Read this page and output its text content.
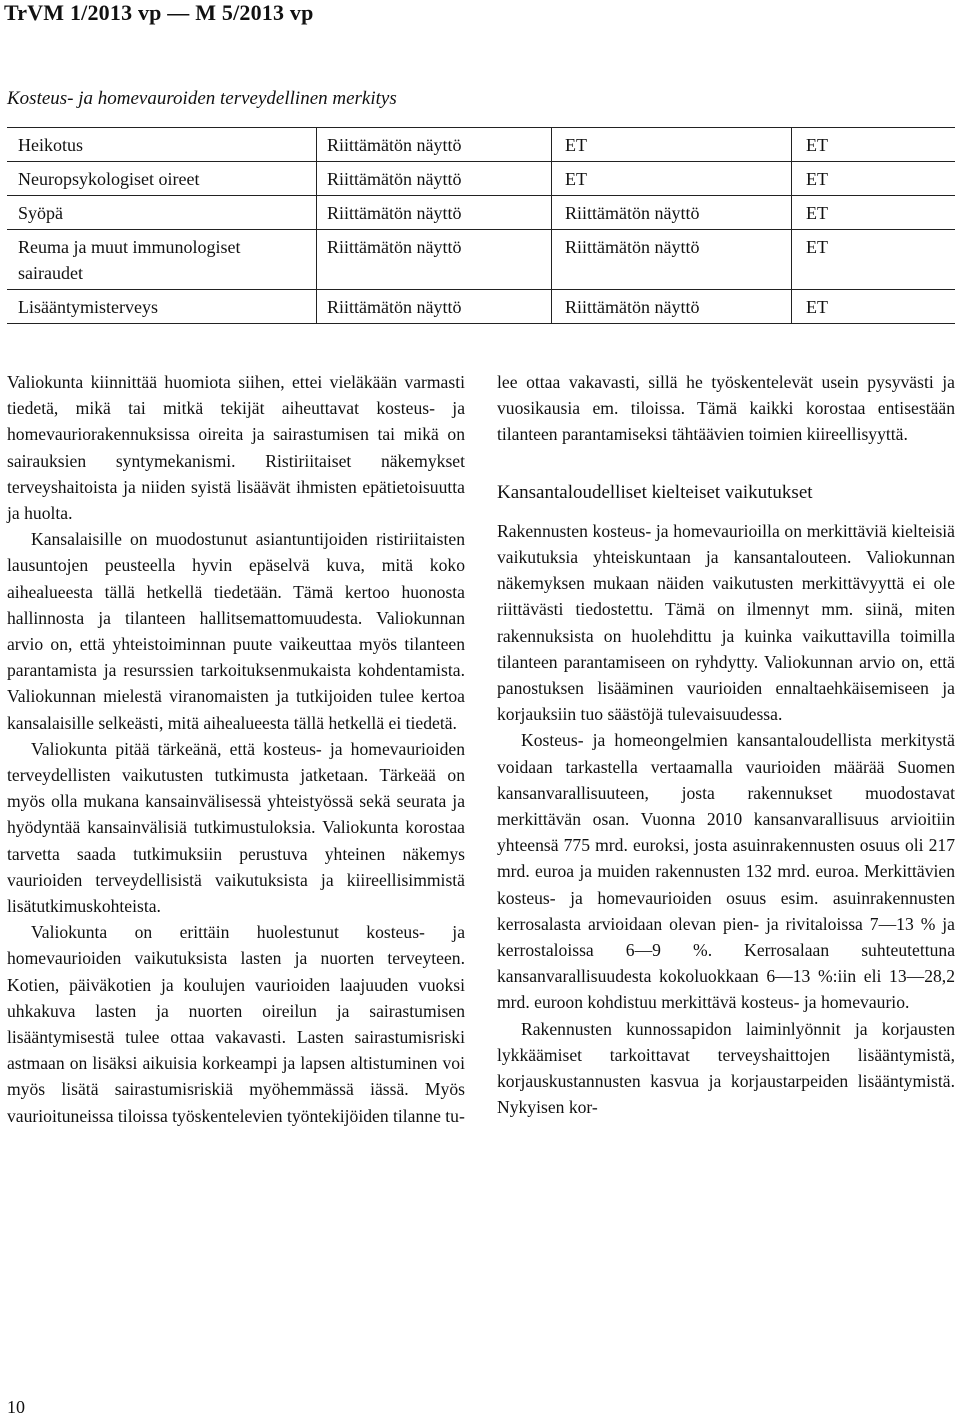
TrVM 1/2013 vp — M 5/2013 vp
Kosteus- ja homevauroiden terveydellinen merkitys
Heikotus	Riittämätön näyttö	ET	ET
Neuropsykologiset oireet	Riittämätön näyttö	ET	ET
Syöpä	Riittämätön näyttö	Riittämätön näyttö	ET
Reuma ja muut immunologiset sairaudet	Riittämätön näyttö	Riittämätön näyttö	ET
Lisääntymisterveys	Riittämätön näyttö	Riittämätön näyttö	ET

Valiokunta kiinnittää huomiota siihen, ettei vieläkään varmasti tiedetä, mikä tai mitkä tekijät aiheuttavat kosteus- ja homevauriorakennuksissa oireita ja sairastumisen tai mikä on sairauksien syntymekanismi. Ristiriitaiset näkemykset terveyshaitoista ja niiden syistä lisäävät ihmisten epätietoisuutta ja huolta.

Kansalaisille on muodostunut asiantuntijoiden ristiriitaisten lausuntojen peusteella hyvin epäselvä kuva, mitä koko aihealueesta tällä hetkellä tiedetään. Tämä kertoo huonosta hallinnosta ja tilanteen hallitsemattomuudesta. Valiokunnan arvio on, että yhteistoiminnan puute vaikeuttaa myös tilanteen parantamista ja resurssien tarkoituksenmukaista kohdentamista. Valiokunnan mielestä viranomaisten ja tutkijoiden tulee kertoa kansalaisille selkeästi, mitä aihealueesta tällä hetkellä ei tiedetä.

Valiokunta pitää tärkeänä, että kosteus- ja homevaurioiden terveydellisten vaikutusten tutkimusta jatketaan. Tärkeää on myös olla mukana kansainvälisessä yhteistyössä sekä seurata ja hyödyntää kansainvälisiä tutkimustuloksia. Valiokunta korostaa tarvetta saada tutkimuksiin perustuva yhteinen näkemys vaurioiden terveydellisistä vaikutuksista ja kiireellisimmistä lisätutkimuskohteista.

Valiokunta on erittäin huolestunut kosteus- ja homevaurioiden vaikutuksista lasten ja nuorten terveyteen. Kotien, päiväkotien ja koulujen vaurioiden laajuuden vuoksi uhkakuva lasten ja nuorten oireilun ja sairastumisen lisääntymisestä tulee ottaa vakavasti. Lasten sairastumisriski astmaan on lisäksi aikuisia korkeampi ja lapsen altistuminen voi myös lisätä sairastumisriskiä myöhemmässä iässä. Myös vaurioituneissa tiloissa työskentelevien työntekijöiden tilanne tu-

lee ottaa vakavasti, sillä he työskentelevät usein pysyvästi ja vuosikausia em. tiloissa. Tämä kaikki korostaa entisestään tilanteen parantamiseksi tähtäävien toimien kiireellisyyttä.

Kansantaloudelliset kielteiset vaikutukset

Rakennusten kosteus- ja homevaurioilla on merkittäviä kielteisiä vaikutuksia yhteiskuntaan ja kansantalouteen. Valiokunnan näkemyksen mukaan näiden vaikutusten merkittävyyttä ei ole riittävästi tiedostettu. Tämä on ilmennyt mm. siinä, miten rakennuksista on huolehdittu ja kuinka vaikuttavilla toimilla tilanteen parantamiseen on ryhdytty. Valiokunnan arvio on, että panostuksen lisääminen vaurioiden ennaltaehkäisemiseen ja korjauksiin tuo säästöjä tulevaisuudessa.

Kosteus- ja homeongelmien kansantaloudellista merkitystä voidaan tarkastella vertaamalla vaurioiden määrää Suomen kansanvarallisuuteen, josta rakennukset muodostavat merkittävän osan. Vuonna 2010 kansanvarallisuus arvioitiin yhteensä 775 mrd. euroksi, josta asuinrakennusten osuus oli 217 mrd. euroa ja muiden rakennusten 132 mrd. euroa. Merkittävien kosteus- ja homevaurioiden osuus esim. asuinrakennusten kerrosalasta arvioidaan olevan pien- ja rivitaloissa 7—13 % ja kerrostaloissa 6—9 %. Kerrosalaan suhteutettuna kansanvarallisuudesta kokoluokkaan 6—13 %:iin eli 13—28,2 mrd. euroon kohdistuu merkittävä kosteus- ja homevaurio.

Rakennusten kunnossapidon laiminlyönnit ja korjausten lykkäämiset tarkoittavat terveyshaittojen lisääntymistä, korjauskustannusten kasvua ja korjaustarpeiden lisääntymistä. Nykyisen kor-

10
